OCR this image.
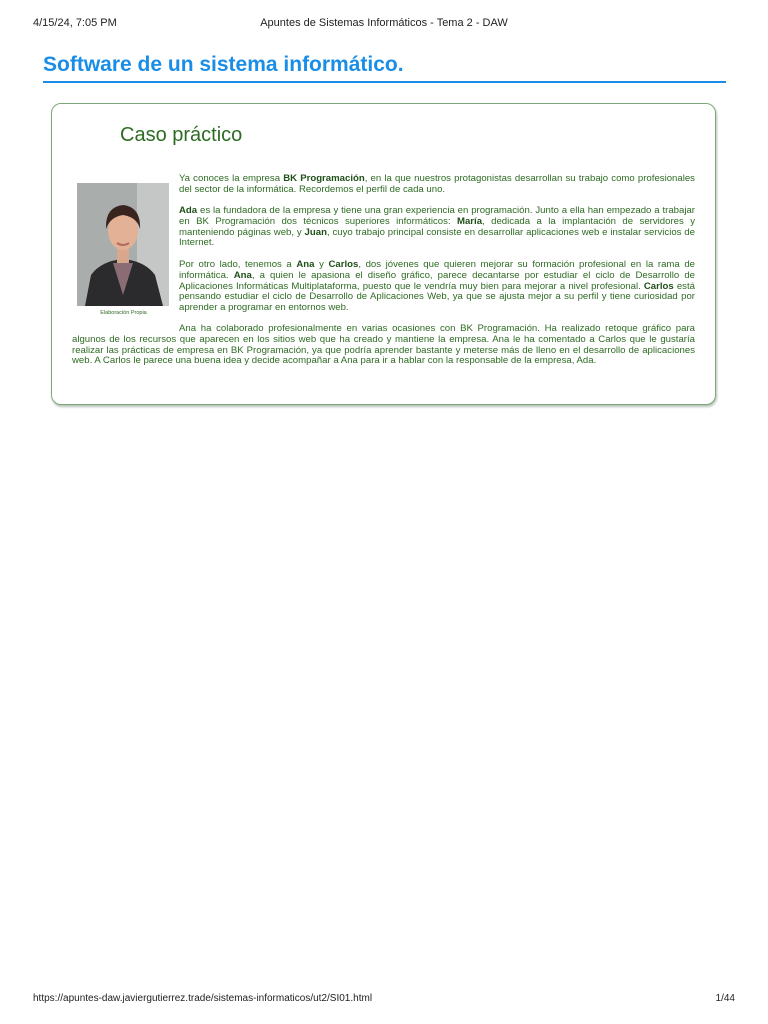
4/15/24, 7:05 PM	Apuntes de Sistemas Informáticos - Tema 2 - DAW
Software de un sistema informático.
Caso práctico
Elaboración Propia

Ya conoces la empresa BK Programación, en la que nuestros protagonistas desarrollan su trabajo como profesionales del sector de la informática. Recordemos el perfil de cada uno.

Ada es la fundadora de la empresa y tiene una gran experiencia en programación. Junto a ella han empezado a trabajar en BK Programación dos técnicos superiores informáticos: María, dedicada a la implantación de servidores y manteniendo páginas web, y Juan, cuyo trabajo principal consiste en desarrollar aplicaciones web e instalar servicios de Internet.

Por otro lado, tenemos a Ana y Carlos, dos jóvenes que quieren mejorar su formación profesional en la rama de informática. Ana, a quien le apasiona el diseño gráfico, parece decantarse por estudiar el ciclo de Desarrollo de Aplicaciones Informáticas Multiplataforma, puesto que le vendría muy bien para mejorar a nivel profesional. Carlos está pensando estudiar el ciclo de Desarrollo de Aplicaciones Web, ya que se ajusta mejor a su perfil y tiene curiosidad por aprender a programar en entornos web.

Ana ha colaborado profesionalmente en varias ocasiones con BK Programación. Ha realizado retoque gráfico para algunos de los recursos que aparecen en los sitios web que ha creado y mantiene la empresa. Ana le ha comentado a Carlos que le gustaría realizar las prácticas de empresa en BK Programación, ya que podría aprender bastante y meterse más de lleno en el desarrollo de aplicaciones web. A Carlos le parece una buena idea y decide acompañar a Ana para ir a hablar con la responsable de la empresa, Ada.

https://apuntes-daw.javiergutierrez.trade/sistemas-informaticos/ut2/SI01.html	1/44
